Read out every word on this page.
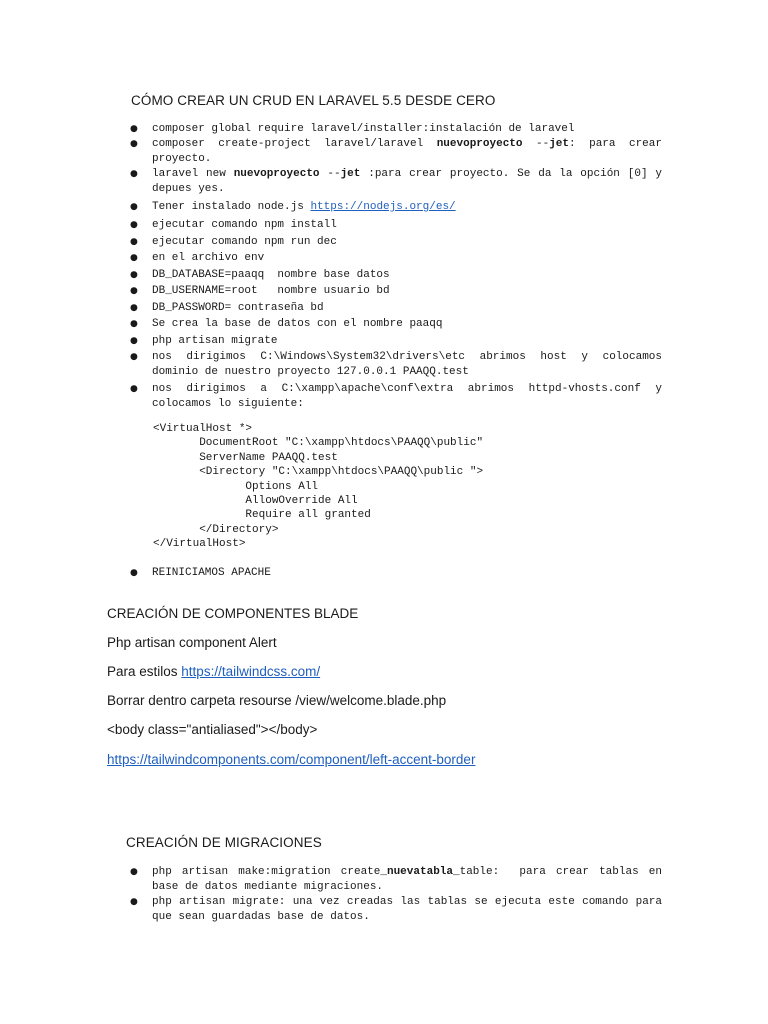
CÓMO CREAR UN CRUD EN LARAVEL 5.5 DESDE CERO
● composer global require laravel/installer:instalación de laravel
● composer create-project laravel/laravel nuevoproyecto --jet: para crear proyecto.
● laravel new nuevoproyecto --jet :para crear proyecto. Se da la opción [0] y depues yes.
● Tener instalado node.js https://nodejs.org/es/
● ejecutar comando npm install
● ejecutar comando npm run dec
● en el archivo env
● DB_DATABASE=paaqq  nombre base datos
● DB_USERNAME=root   nombre usuario bd
● DB_PASSWORD= contraseña bd
● Se crea la base de datos con el nombre paaqq
● php artisan migrate
● nos dirigimos C:\Windows\System32\drivers\etc abrimos host y colocamos dominio de nuestro proyecto 127.0.0.1 PAAQQ.test
● nos dirigimos a C:\xampp\apache\conf\extra abrimos httpd-vhosts.conf y colocamos lo siguiente:
<VirtualHost *>
DocumentRoot "C:\xampp\htdocs\PAAQQ\public"
ServerName PAAQQ.test
<Directory "C:\xampp\htdocs\PAAQQ\public ">
Options All
AllowOverride All
Require all granted
</Directory>
</VirtualHost>
● REINICIAMOS APACHE
CREACIÓN DE COMPONENTES BLADE
Php artisan component Alert
Para estilos https://tailwindcss.com/
Borrar dentro carpeta resourse /view/welcome.blade.php
<body class="antialiased"></body>
https://tailwindcomponents.com/component/left-accent-border
CREACIÓN DE MIGRACIONES
● php artisan make:migration create_nuevatabla_table:  para crear tablas en base de datos mediante migraciones.
● php artisan migrate: una vez creadas las tablas se ejecuta este comando para que sean guardadas base de datos.
